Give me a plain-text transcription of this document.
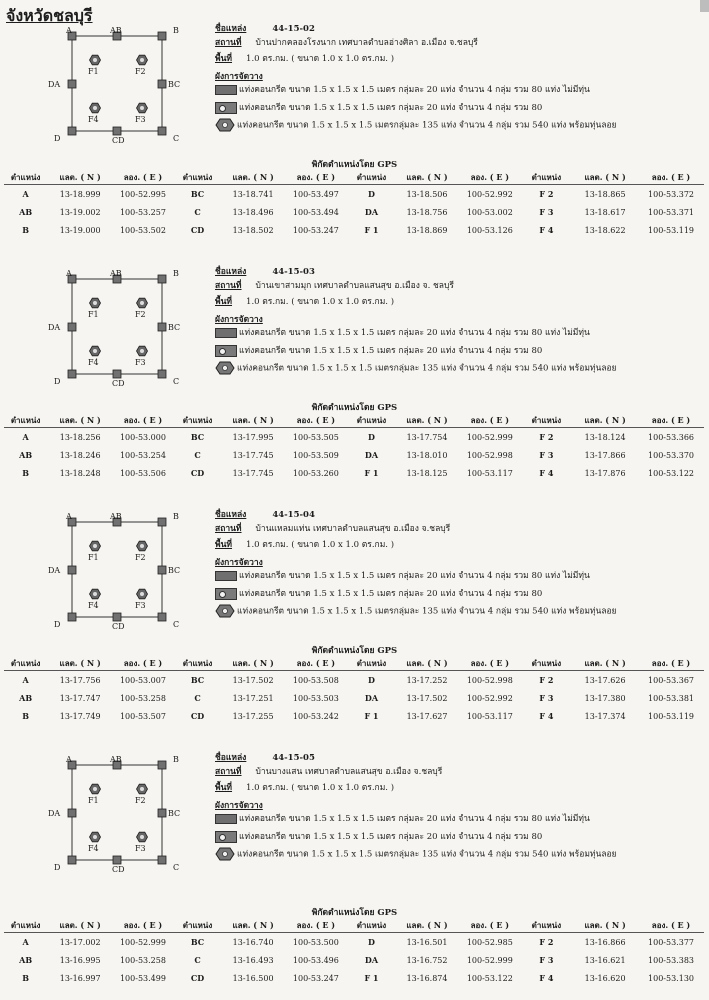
จังหวัดชลบุรี
A	AB	B
DA	BC
D	CD	C
F1	F2
F4	F3
ชื่อแหล่ง	44-15-02
สถานที่ บ้านปากคลองโรงนาก เทศบาลตำบลอ่างศิลา อ.เมือง จ.ชลบุรี
พื้นที่ 1.0 ตร.กม. ( ขนาด 1.0 x 1.0 ตร.กม. )
ผังการจัดวาง
แท่งคอนกรีต ขนาด 1.5 x 1.5 x 1.5 เมตร กลุ่มละ 20 แท่ง จำนวน 4 กลุ่ม รวม 80 แท่ง ไม่มีทุ่น
แท่งคอนกรีต ขนาด 1.5 x 1.5 x 1.5 เมตร กลุ่มละ 20 แท่ง จำนวน 4 กลุ่ม รวม 80
แท่งคอนกรีต ขนาด 1.5 x 1.5 x 1.5 เมตรกลุ่มละ 135 แท่ง จำนวน 4 กลุ่ม รวม 540 แท่ง พร้อมทุ่นลอย
พิกัดตำแหน่งโดย GPS
ตำแหน่ง	แลต. ( N )	ลอง. ( E )	ตำแหน่ง	แลต. ( N )	ลอง. ( E )	ตำแหน่ง	แลต. ( N )	ลอง. ( E )	ตำแหน่ง	แลต. ( N )	ลอง. ( E )
A	13-18.999	100-52.995	BC	13-18.741	100-53.497	D	13-18.506	100-52.992	F 2	13-18.865	100-53.372
AB	13-19.002	100-53.257	C	13-18.496	100-53.494	DA	13-18.756	100-53.002	F 3	13-18.617	100-53.371
B	13-19.000	100-53.502	CD	13-18.502	100-53.247	F 1	13-18.869	100-53.126	F 4	13-18.622	100-53.119
A	AB	B
DA	BC
D	CD	C
F1	F2
F4	F3
ชื่อแหล่ง	44-15-03
สถานที่ บ้านเขาสามมุก เทศบาลตำบลแสนสุข อ.เมือง จ. ชลบุรี
พื้นที่ 1.0 ตร.กม. ( ขนาด 1.0 x 1.0 ตร.กม. )
ผังการจัดวาง
แท่งคอนกรีต ขนาด 1.5 x 1.5 x 1.5 เมตร กลุ่มละ 20 แท่ง จำนวน 4 กลุ่ม รวม 80 แท่ง ไม่มีทุ่น
แท่งคอนกรีต ขนาด 1.5 x 1.5 x 1.5 เมตร กลุ่มละ 20 แท่ง จำนวน 4 กลุ่ม รวม 80
แท่งคอนกรีต ขนาด 1.5 x 1.5 x 1.5 เมตรกลุ่มละ 135 แท่ง จำนวน 4 กลุ่ม รวม 540 แท่ง พร้อมทุ่นลอย
พิกัดตำแหน่งโดย GPS
ตำแหน่ง	แลต. ( N )	ลอง. ( E )	ตำแหน่ง	แลต. ( N )	ลอง. ( E )	ตำแหน่ง	แลต. ( N )	ลอง. ( E )	ตำแหน่ง	แลต. ( N )	ลอง. ( E )
A	13-18.256	100-53.000	BC	13-17.995	100-53.505	D	13-17.754	100-52.999	F 2	13-18.124	100-53.366
AB	13-18.246	100-53.254	C	13-17.745	100-53.509	DA	13-18.010	100-52.998	F 3	13-17.866	100-53.370
B	13-18.248	100-53.506	CD	13-17.745	100-53.260	F 1	13-18.125	100-53.117	F 4	13-17.876	100-53.122
A	AB	B
DA	BC
D	CD	C
F1	F2
F4	F3
ชื่อแหล่ง	44-15-04
สถานที่ บ้านแหลมแท่น เทศบาลตำบลแสนสุข อ.เมือง จ.ชลบุรี
พื้นที่ 1.0 ตร.กม. ( ขนาด 1.0 x 1.0 ตร.กม. )
ผังการจัดวาง
แท่งคอนกรีต ขนาด 1.5 x 1.5 x 1.5 เมตร กลุ่มละ 20 แท่ง จำนวน 4 กลุ่ม รวม 80 แท่ง ไม่มีทุ่น
แท่งคอนกรีต ขนาด 1.5 x 1.5 x 1.5 เมตร กลุ่มละ 20 แท่ง จำนวน 4 กลุ่ม รวม 80
แท่งคอนกรีต ขนาด 1.5 x 1.5 x 1.5 เมตรกลุ่มละ 135 แท่ง จำนวน 4 กลุ่ม รวม 540 แท่ง พร้อมทุ่นลอย
พิกัดตำแหน่งโดย GPS
ตำแหน่ง	แลต. ( N )	ลอง. ( E )	ตำแหน่ง	แลต. ( N )	ลอง. ( E )	ตำแหน่ง	แลต. ( N )	ลอง. ( E )	ตำแหน่ง	แลต. ( N )	ลอง. ( E )
A	13-17.756	100-53.007	BC	13-17.502	100-53.508	D	13-17.252	100-52.998	F 2	13-17.626	100-53.367
AB	13-17.747	100-53.258	C	13-17.251	100-53.503	DA	13-17.502	100-52.992	F 3	13-17.380	100-53.381
B	13-17.749	100-53.507	CD	13-17.255	100-53.242	F 1	13-17.627	100-53.117	F 4	13-17.374	100-53.119
A	AB	B
DA	BC
D	CD	C
F1	F2
F4	F3
ชื่อแหล่ง	44-15-05
สถานที่ บ้านบางแสน เทศบาลตำบลแสนสุข อ.เมือง จ.ชลบุรี
พื้นที่ 1.0 ตร.กม. ( ขนาด 1.0 x 1.0 ตร.กม. )
ผังการจัดวาง
แท่งคอนกรีต ขนาด 1.5 x 1.5 x 1.5 เมตร กลุ่มละ 20 แท่ง จำนวน 4 กลุ่ม รวม 80 แท่ง ไม่มีทุ่น
แท่งคอนกรีต ขนาด 1.5 x 1.5 x 1.5 เมตร กลุ่มละ 20 แท่ง จำนวน 4 กลุ่ม รวม 80
แท่งคอนกรีต ขนาด 1.5 x 1.5 x 1.5 เมตรกลุ่มละ 135 แท่ง จำนวน 4 กลุ่ม รวม 540 แท่ง พร้อมทุ่นลอย
พิกัดตำแหน่งโดย GPS
ตำแหน่ง	แลต. ( N )	ลอง. ( E )	ตำแหน่ง	แลต. ( N )	ลอง. ( E )	ตำแหน่ง	แลต. ( N )	ลอง. ( E )	ตำแหน่ง	แลต. ( N )	ลอง. ( E )
A	13-17.002	100-52.999	BC	13-16.740	100-53.500	D	13-16.501	100-52.985	F 2	13-16.866	100-53.377
AB	13-16.995	100-53.258	C	13-16.493	100-53.496	DA	13-16.752	100-52.999	F 3	13-16.621	100-53.383
B	13-16.997	100-53.499	CD	13-16.500	100-53.247	F 1	13-16.874	100-53.122	F 4	13-16.620	100-53.130
